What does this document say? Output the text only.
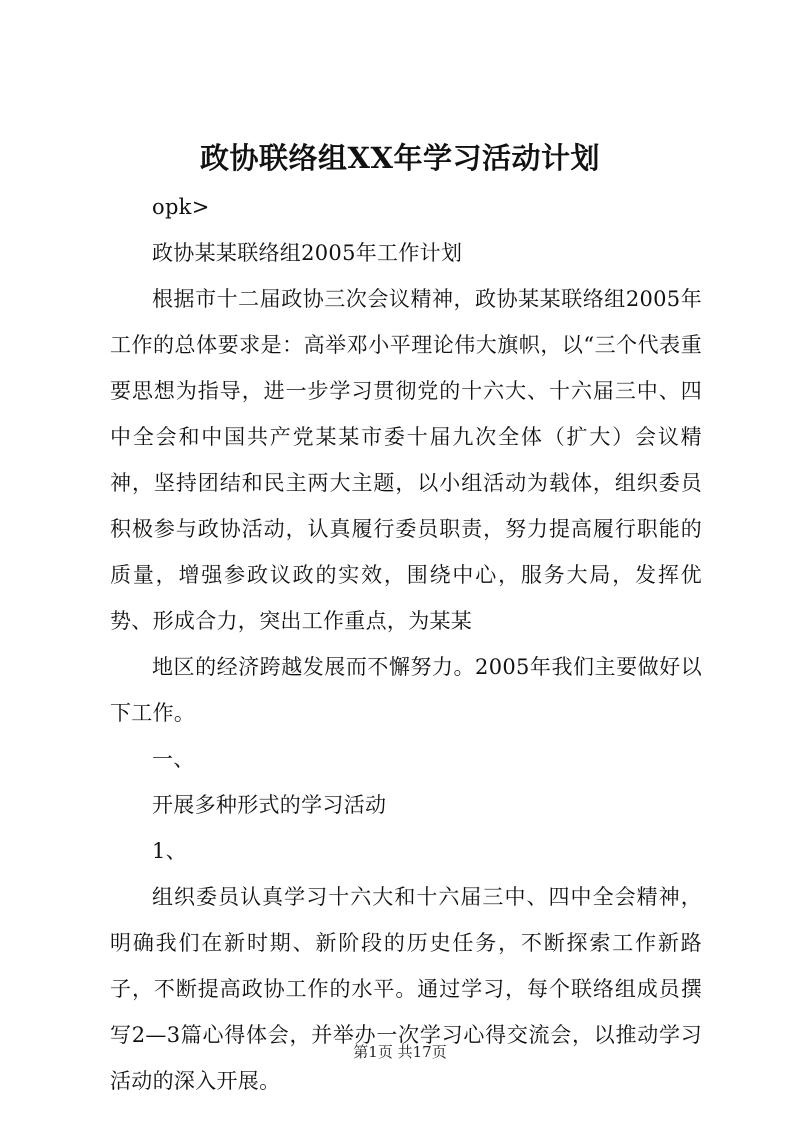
政协联络组XX年学习活动计划

opk>

政协某某联络组2005年工作计划

根据市十二届政协三次会议精神，政协某某联络组2005年工作的总体要求是：高举邓小平理论伟大旗帜，以“三个代表重要思想为指导，进一步学习贯彻党的十六大、十六届三中、四中全会和中国共产党某某市委十届九次全体（扩大）会议精神，坚持团结和民主两大主题，以小组活动为载体，组织委员积极参与政协活动，认真履行委员职责，努力提高履行职能的质量，增强参政议政的实效，围绕中心，服务大局，发挥优势、形成合力，突出工作重点，为某某

地区的经济跨越发展而不懈努力。2005年我们主要做好以下工作。

一、

开展多种形式的学习活动

1、

组织委员认真学习十六大和十六届三中、四中全会精神，明确我们在新时期、新阶段的历史任务，不断探索工作新路子，不断提高政协工作的水平。通过学习，每个联络组成员撰写2—3篇心得体会，并举办一次学习心得交流会，以推动学习活动的深入开展。

第1页 共17页
